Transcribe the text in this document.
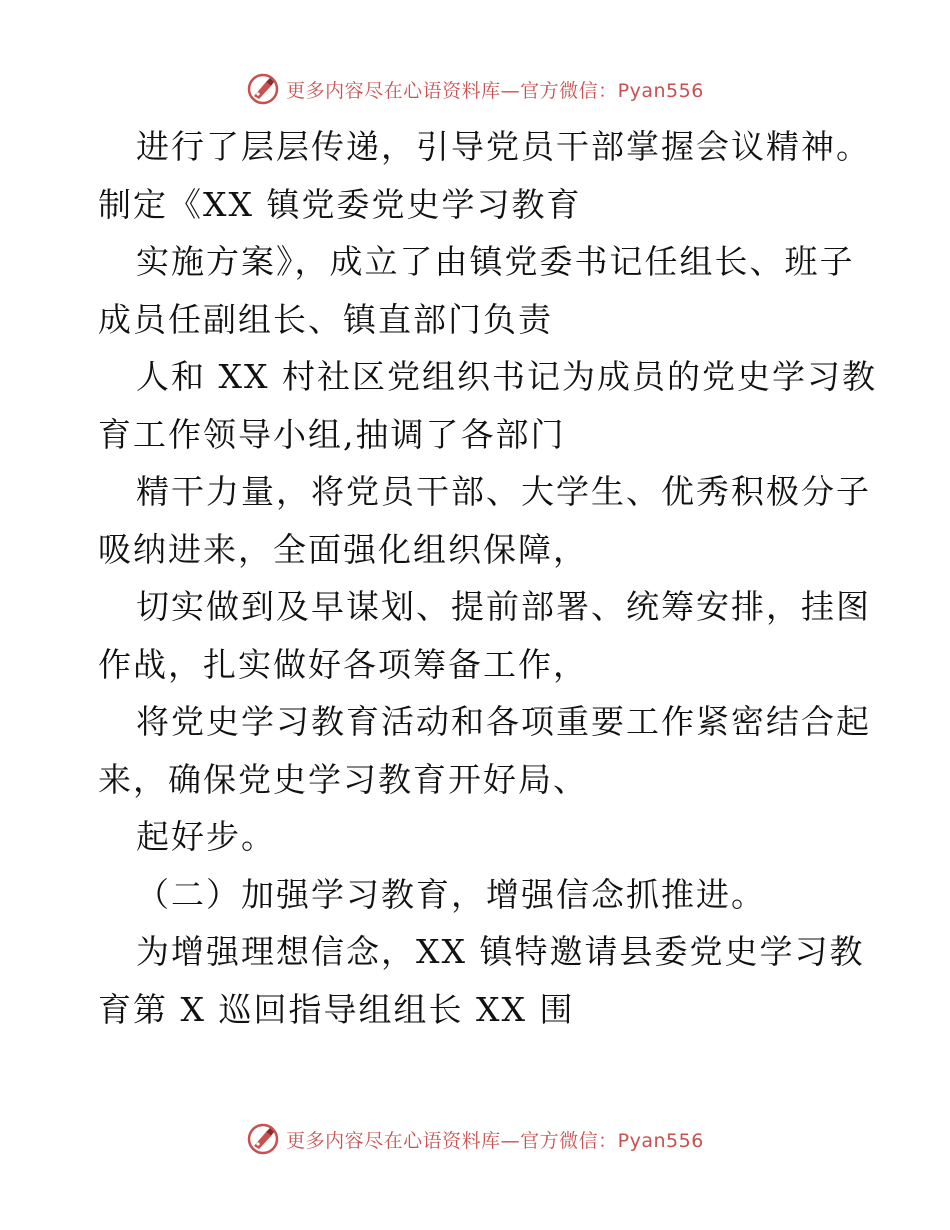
更多内容尽在心语资料库—官方微信：Pyan556

进行了层层传递，引导党员干部掌握会议精神。

制定《XX 镇党委党史学习教育

实施方案》，成立了由镇党委书记任组长、班子

成员任副组长、镇直部门负责

人和 XX 村社区党组织书记为成员的党史学习教

育工作领导小组,抽调了各部门

精干力量，将党员干部、大学生、优秀积极分子

吸纳进来，全面强化组织保障，

切实做到及早谋划、提前部署、统筹安排，挂图

作战，扎实做好各项筹备工作，

将党史学习教育活动和各项重要工作紧密结合起

来，确保党史学习教育开好局、

起好步。

（二）加强学习教育，增强信念抓推进。

为增强理想信念，XX 镇特邀请县委党史学习教

育第 X 巡回指导组组长 XX 围

更多内容尽在心语资料库—官方微信：Pyan556
